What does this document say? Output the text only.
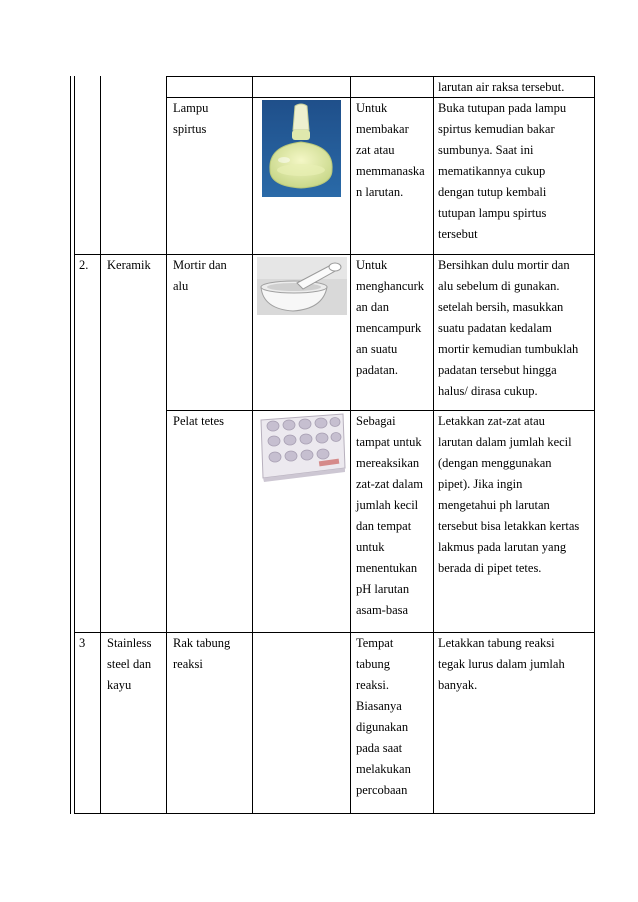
larutan air raksa tersebut.
Lampu
spirtus
Untuk
membakar
zat atau
memmanaska
n larutan.
Buka tutupan pada lampu
spirtus kemudian bakar
sumbunya. Saat ini
mematikannya cukup
dengan tutup kembali
tutupan lampu spirtus
tersebut
2. Keramik Mortir dan
alu
Untuk
menghancurk
an dan
mencampurk
an suatu
padatan.
Bersihkan dulu mortir dan
alu sebelum di gunakan.
setelah bersih, masukkan
suatu padatan kedalam
mortir kemudian tumbuklah
padatan tersebut hingga
halus/ dirasa cukup.
Pelat tetes	Sebagai
tampat untuk
mereaksikan
zat-zat dalam
jumlah kecil
dan tempat
untuk
menentukan
pH larutan
asam-basa
Letakkan zat-zat atau
larutan dalam jumlah kecil
(dengan menggunakan
pipet). Jika ingin
mengetahui ph larutan
tersebut bisa letakkan kertas
lakmus pada larutan yang
berada di pipet tetes.
3 Stainless
steel dan
kayu
Rak tabung
reaksi
Tempat
tabung
reaksi.
Biasanya
digunakan
pada saat
melakukan
percobaan
Letakkan tabung reaksi
tegak lurus dalam jumlah
banyak.
